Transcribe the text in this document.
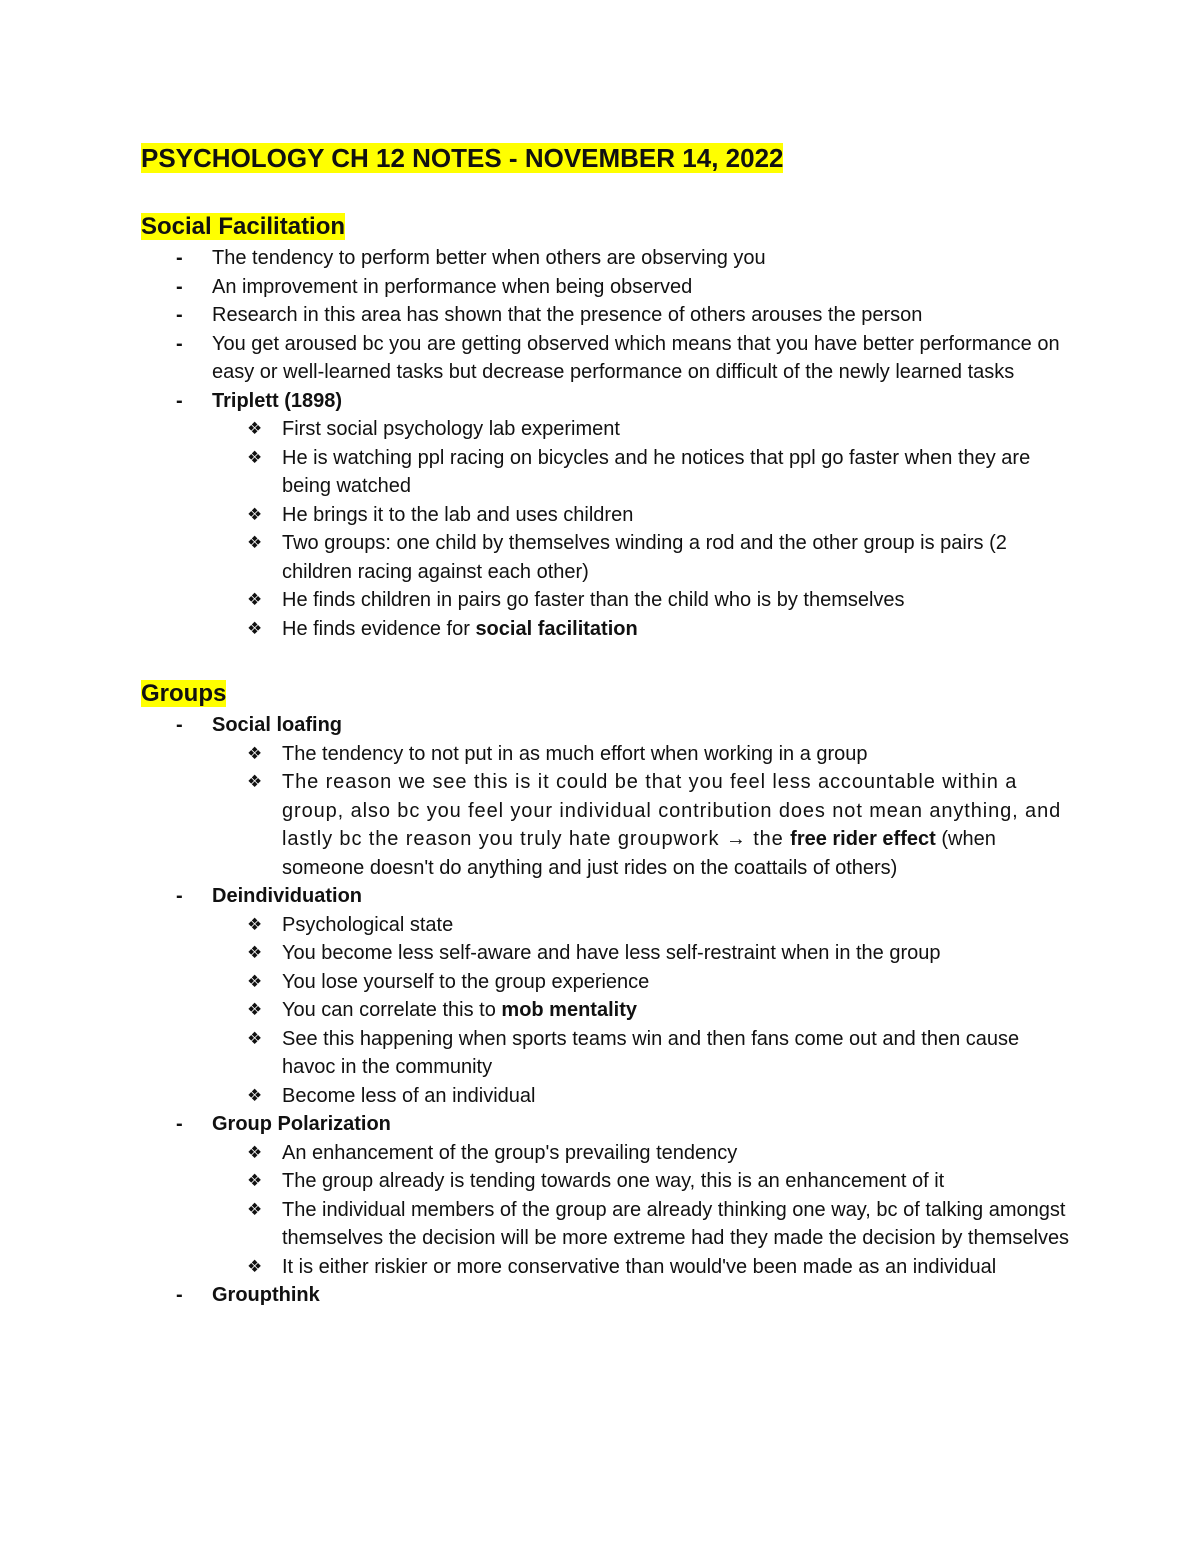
PSYCHOLOGY CH 12 NOTES - NOVEMBER 14, 2022
Social Facilitation
- The tendency to perform better when others are observing you
- An improvement in performance when being observed
- Research in this area has shown that the presence of others arouses the person
- You get aroused bc you are getting observed which means that you have better performance on easy or well-learned tasks but decrease performance on difficult of the newly learned tasks
- Triplett (1898)
❖ First social psychology lab experiment
❖ He is watching ppl racing on bicycles and he notices that ppl go faster when they are being watched
❖ He brings it to the lab and uses children
❖ Two groups: one child by themselves winding a rod and the other group is pairs (2 children racing against each other)
❖ He finds children in pairs go faster than the child who is by themselves
❖ He finds evidence for social facilitation
Groups
- Social loafing
❖ The tendency to not put in as much effort when working in a group
❖ The reason we see this is it could be that you feel less accountable within a group, also bc you feel your individual contribution does not mean anything, and lastly bc the reason you truly hate groupwork → the free rider effect (when someone doesn't do anything and just rides on the coattails of others)
- Deindividuation
❖ Psychological state
❖ You become less self-aware and have less self-restraint when in the group
❖ You lose yourself to the group experience
❖ You can correlate this to mob mentality
❖ See this happening when sports teams win and then fans come out and then cause havoc in the community
❖ Become less of an individual
- Group Polarization
❖ An enhancement of the group's prevailing tendency
❖ The group already is tending towards one way, this is an enhancement of it
❖ The individual members of the group are already thinking one way, bc of talking amongst themselves the decision will be more extreme had they made the decision by themselves
❖ It is either riskier or more conservative than would've been made as an individual
- Groupthink
